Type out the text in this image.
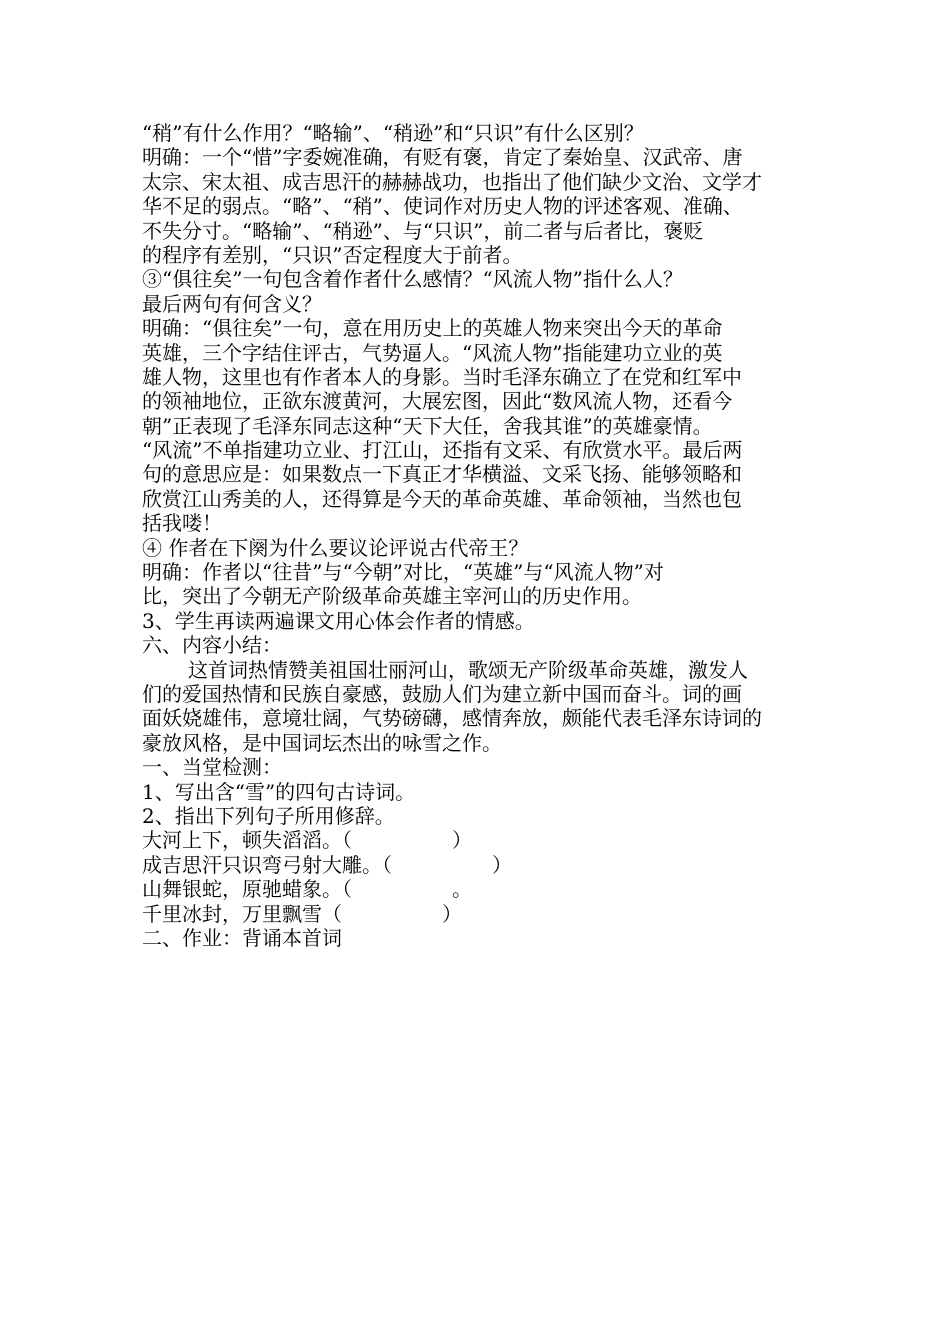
“稍”有什么作用？“略输”、“稍逊”和“只识”有什么区别？
明确：一个“惜”字委婉准确，有贬有褒，肯定了秦始皇、汉武帝、唐
太宗、宋太祖、成吉思汗的赫赫战功，也指出了他们缺少文治、文学才
华不足的弱点。“略”、“稍”、使词作对历史人物的评述客观、准确、
不失分寸。“略输”、“稍逊”、与“只识”，前二者与后者比，褒贬
的程序有差别，“只识”否定程度大于前者。
③“俱往矣”一句包含着作者什么感情？“风流人物”指什么人？
最后两句有何含义？
明确：“俱往矣”一句，意在用历史上的英雄人物来突出今天的革命
英雄，三个字结住评古，气势逼人。“风流人物”指能建功立业的英
雄人物，这里也有作者本人的身影。当时毛泽东确立了在党和红军中
的领袖地位，正欲东渡黄河，大展宏图，因此“数风流人物，还看今
朝”正表现了毛泽东同志这种“天下大任，舍我其谁”的英雄豪情。
“风流”不单指建功立业、打江山，还指有文采、有欣赏水平。最后两
句的意思应是：如果数点一下真正才华横溢、文采飞扬、能够领略和
欣赏江山秀美的人，还得算是今天的革命英雄、革命领袖，当然也包
括我喽！
④ 作者在下阕为什么要议论评说古代帝王？
明确：作者以“往昔”与“今朝”对比，“英雄”与“风流人物”对
比，突出了今朝无产阶级革命英雄主宰河山的历史作用。
3、学生再读两遍课文用心体会作者的情感。
六、内容小结：
这首词热情赞美祖国壮丽河山，歌颂无产阶级革命英雄，激发人
们的爱国热情和民族自豪感，鼓励人们为建立新中国而奋斗。词的画
面妖娆雄伟，意境壮阔，气势磅礴，感情奔放，颇能代表毛泽东诗词的
豪放风格，是中国词坛杰出的咏雪之作。
一、当堂检测：
1、写出含“雪”的四句古诗词。
2、指出下列句子所用修辞。
大河上下，顿失滔滔。（　　　　　）
成吉思汗只识弯弓射大雕。（　　　　　）
山舞银蛇，原驰蜡象。（　　　　　。
千里冰封，万里飘雪（　　　　　）
二、作业：背诵本首词
